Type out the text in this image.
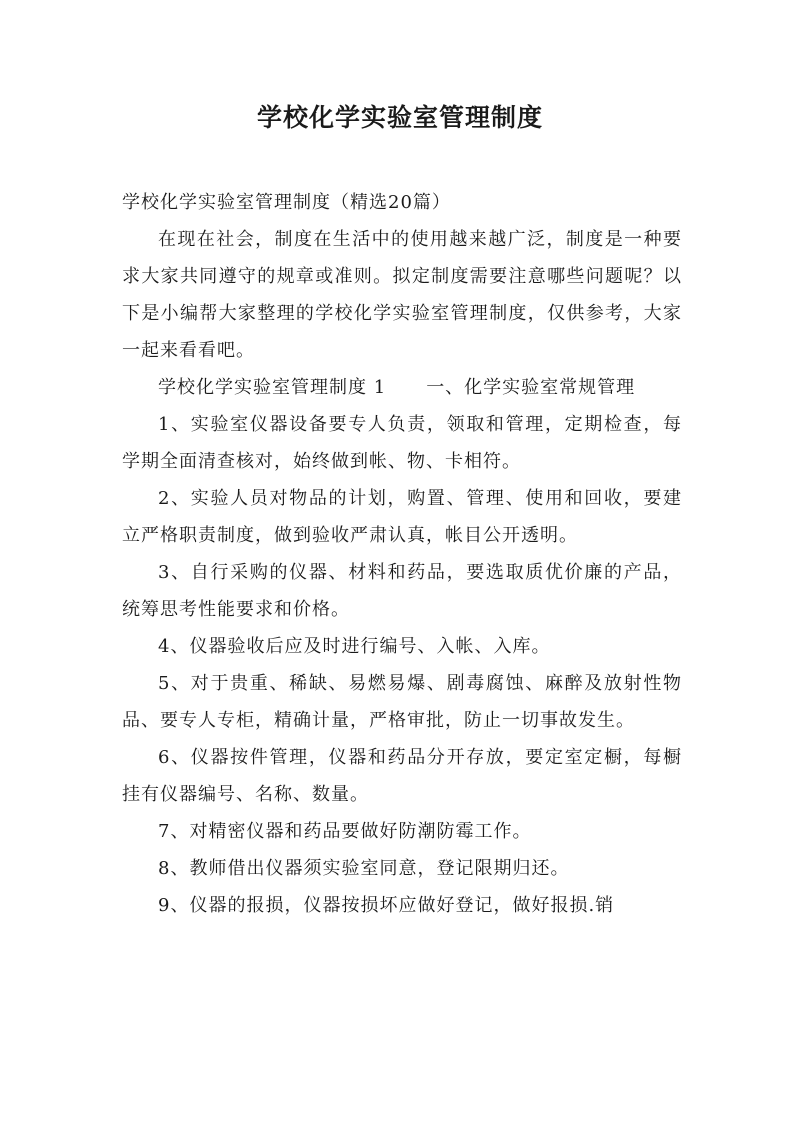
学校化学实验室管理制度

学校化学实验室管理制度（精选20篇）

在现在社会，制度在生活中的使用越来越广泛，制度是一种要求大家共同遵守的规章或准则。拟定制度需要注意哪些问题呢？以下是小编帮大家整理的学校化学实验室管理制度，仅供参考，大家一起来看看吧。

学校化学实验室管理制度 1 一、化学实验室常规管理

1、实验室仪器设备要专人负责，领取和管理，定期检查，每学期全面清查核对，始终做到帐、物、卡相符。

2、实验人员对物品的计划，购置、管理、使用和回收，要建立严格职责制度，做到验收严肃认真，帐目公开透明。

3、自行采购的仪器、材料和药品，要选取质优价廉的产品，统筹思考性能要求和价格。

4、仪器验收后应及时进行编号、入帐、入库。

5、对于贵重、稀缺、易燃易爆、剧毒腐蚀、麻醉及放射性物品、要专人专柜，精确计量，严格审批，防止一切事故发生。

6、仪器按件管理，仪器和药品分开存放，要定室定橱，每橱挂有仪器编号、名称、数量。

7、对精密仪器和药品要做好防潮防霉工作。

8、教师借出仪器须实验室同意，登记限期归还。

9、仪器的报损，仪器按损坏应做好登记，做好报损.销
